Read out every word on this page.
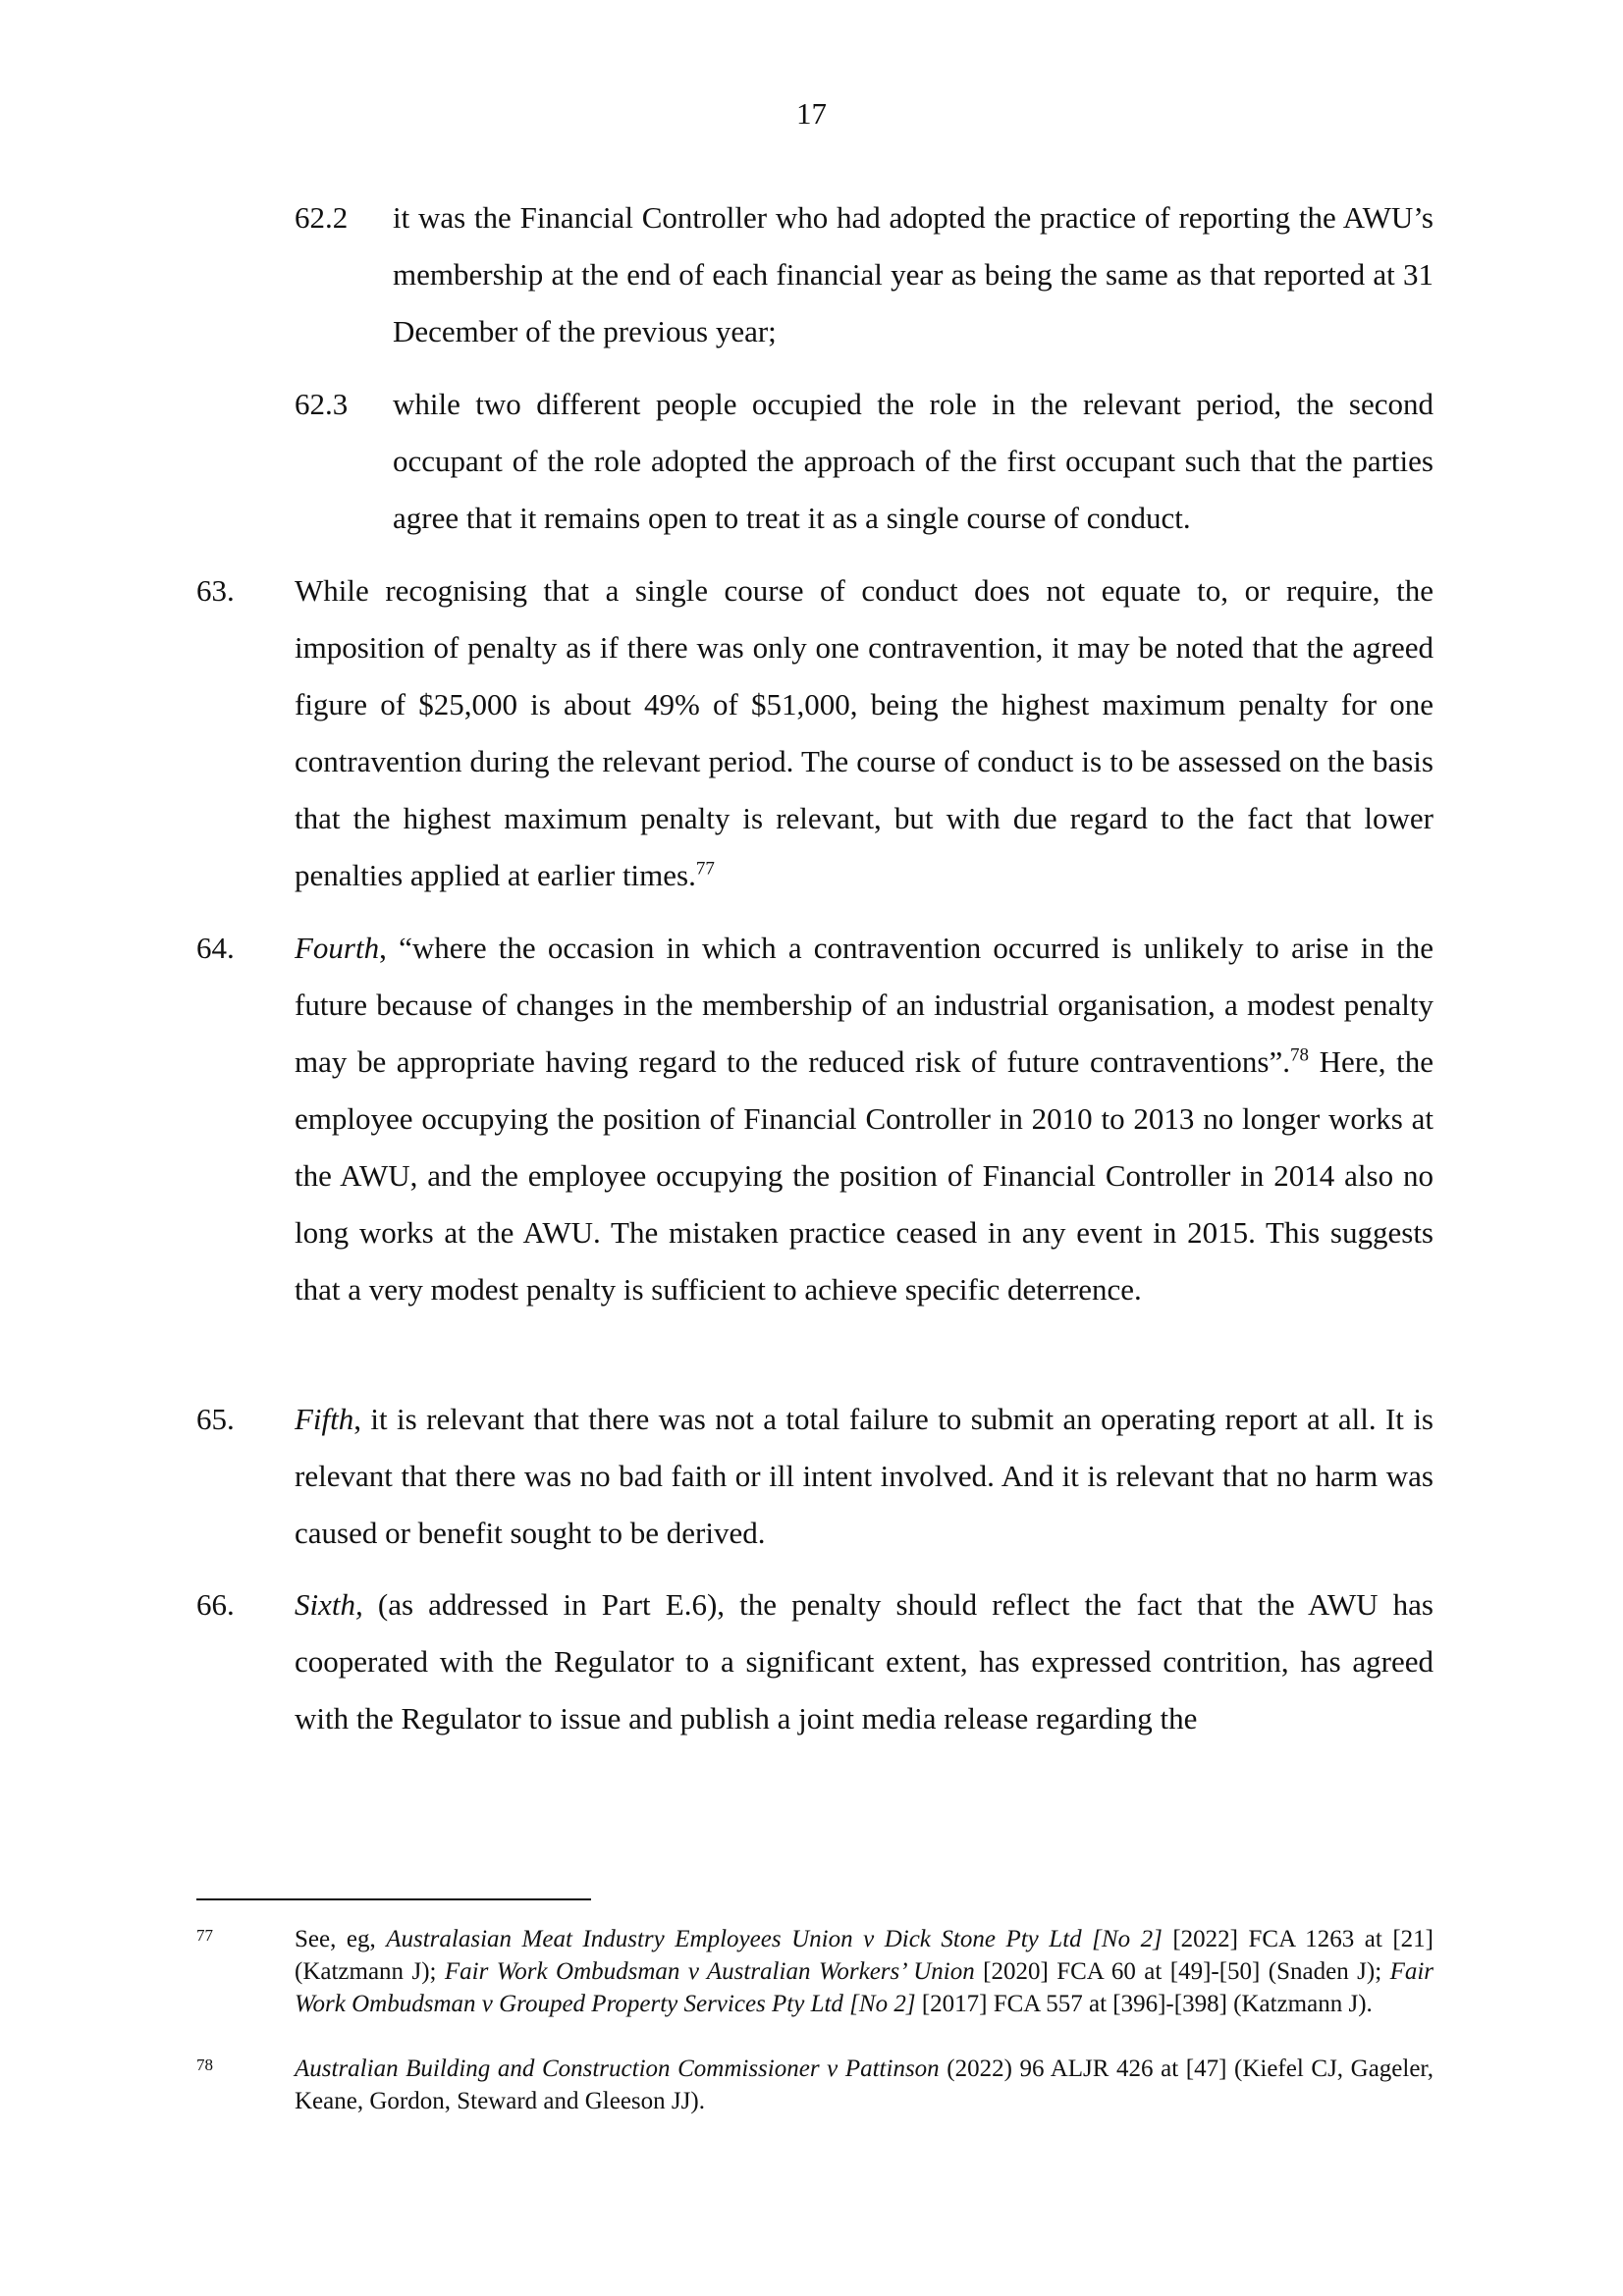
17
62.2 it was the Financial Controller who had adopted the practice of reporting the AWU’s membership at the end of each financial year as being the same as that reported at 31 December of the previous year;
62.3 while two different people occupied the role in the relevant period, the second occupant of the role adopted the approach of the first occupant such that the parties agree that it remains open to treat it as a single course of conduct.
63. While recognising that a single course of conduct does not equate to, or require, the imposition of penalty as if there was only one contravention, it may be noted that the agreed figure of $25,000 is about 49% of $51,000, being the highest maximum penalty for one contravention during the relevant period. The course of conduct is to be assessed on the basis that the highest maximum penalty is relevant, but with due regard to the fact that lower penalties applied at earlier times.$^{77}$
64. Fourth, “where the occasion in which a contravention occurred is unlikely to arise in the future because of changes in the membership of an industrial organisation, a modest penalty may be appropriate having regard to the reduced risk of future contraventions”.$^{78}$ Here, the employee occupying the position of Financial Controller in 2010 to 2013 no longer works at the AWU, and the employee occupying the position of Financial Controller in 2014 also no long works at the AWU. The mistaken practice ceased in any event in 2015. This suggests that a very modest penalty is sufficient to achieve specific deterrence.
65. Fifth, it is relevant that there was not a total failure to submit an operating report at all. It is relevant that there was no bad faith or ill intent involved. And it is relevant that no harm was caused or benefit sought to be derived.
66. Sixth, (as addressed in Part E.6), the penalty should reflect the fact that the AWU has cooperated with the Regulator to a significant extent, has expressed contrition, has agreed with the Regulator to issue and publish a joint media release regarding the
77	See, eg, Australasian Meat Industry Employees Union v Dick Stone Pty Ltd [No 2] [2022] FCA 1263 at [21] (Katzmann J); Fair Work Ombudsman v Australian Workers’ Union [2020] FCA 60 at [49]-[50] (Snaden J); Fair Work Ombudsman v Grouped Property Services Pty Ltd [No 2] [2017] FCA 557 at [396]-[398] (Katzmann J).
78	Australian Building and Construction Commissioner v Pattinson (2022) 96 ALJR 426 at [47] (Kiefel CJ, Gageler, Keane, Gordon, Steward and Gleeson JJ).
